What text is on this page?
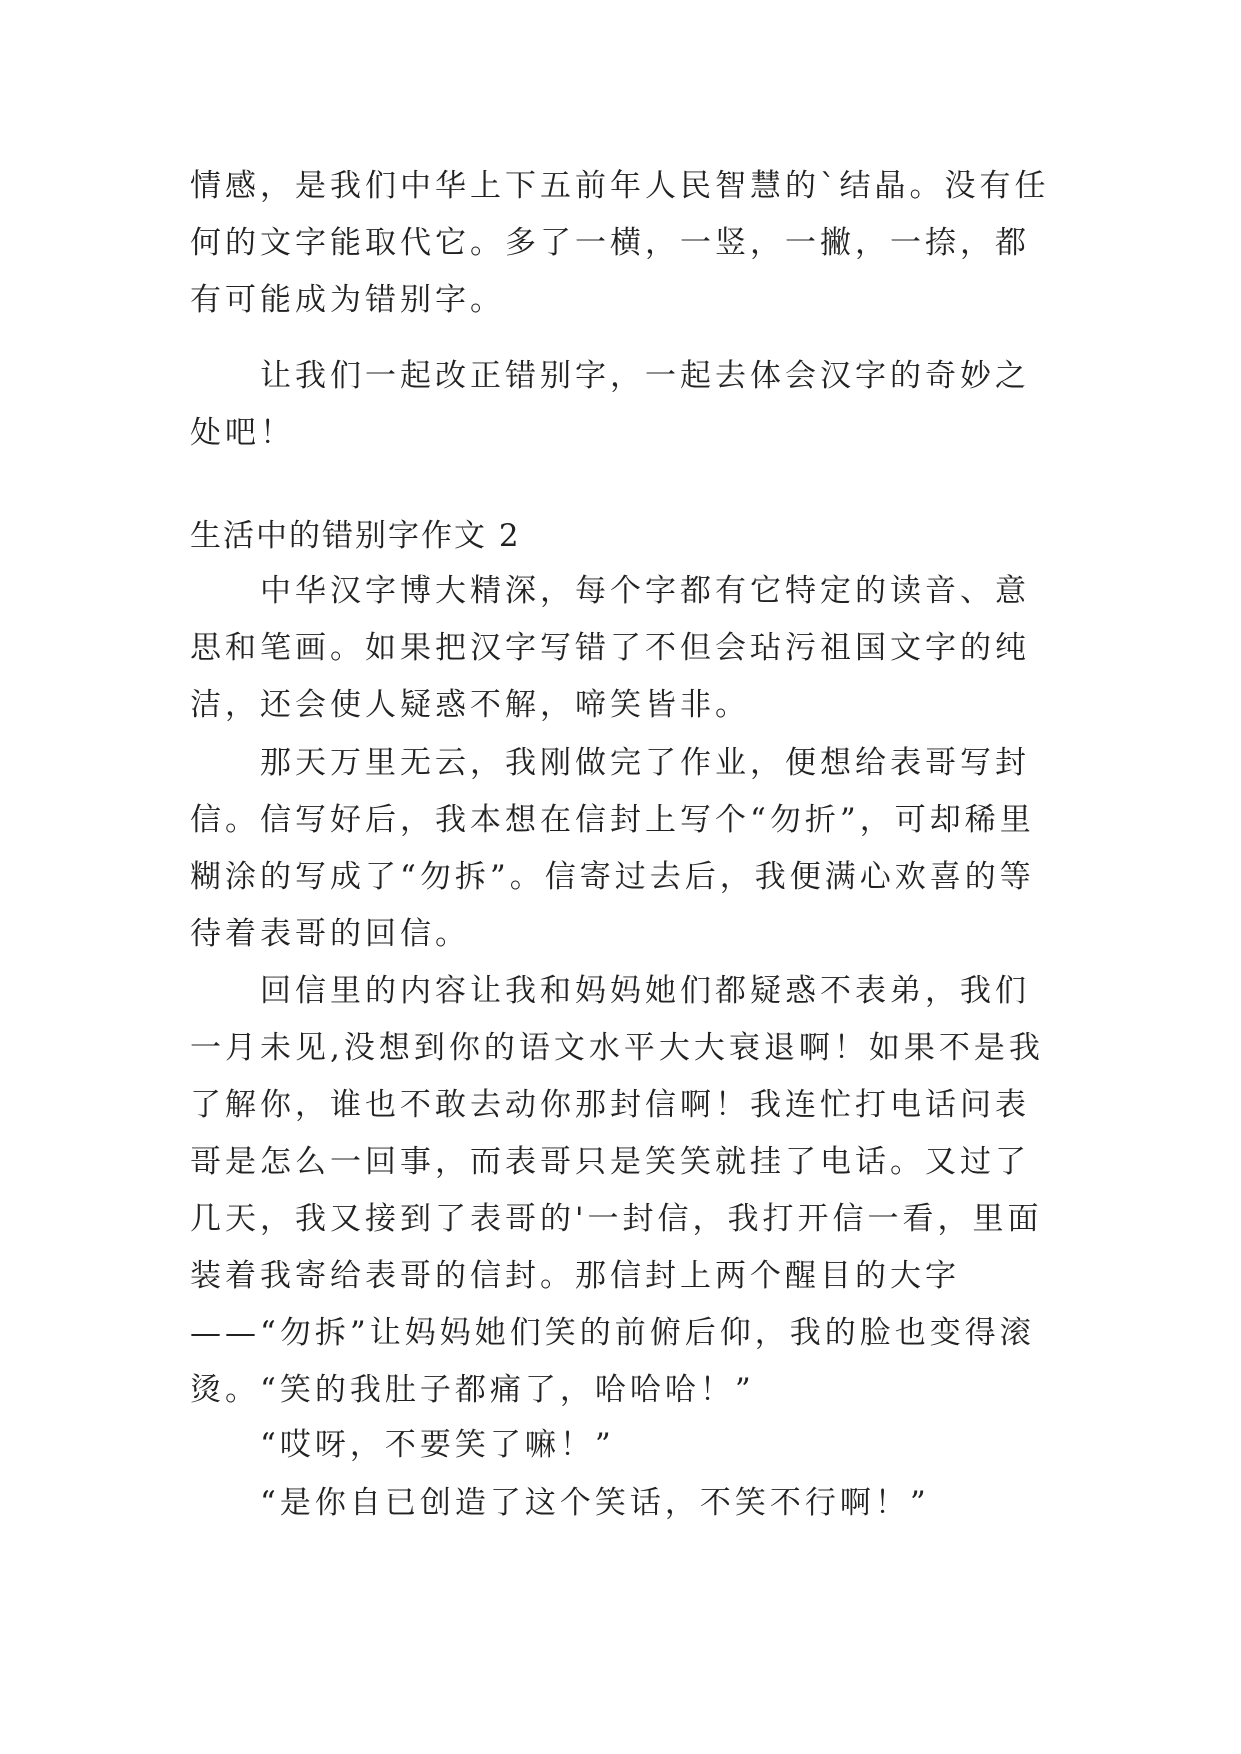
情感，是我们中华上下五前年人民智慧的`结晶。没有任何的文字能取代它。多了一横，一竖，一撇，一捺，都有可能成为错别字。

让我们一起改正错别字，一起去体会汉字的奇妙之处吧！

生活中的错别字作文 2

中华汉字博大精深，每个字都有它特定的读音、意思和笔画。如果把汉字写错了不但会玷污祖国文字的纯洁，还会使人疑惑不解，啼笑皆非。

那天万里无云，我刚做完了作业，便想给表哥写封信。信写好后，我本想在信封上写个“勿折”，可却稀里糊涂的写成了“勿拆”。信寄过去后，我便满心欢喜的等待着表哥的回信。

回信里的内容让我和妈妈她们都疑惑不表弟，我们一月未见,没想到你的语文水平大大衰退啊！如果不是我了解你，谁也不敢去动你那封信啊！我连忙打电话问表哥是怎么一回事，而表哥只是笑笑就挂了电话。又过了几天，我又接到了表哥的'一封信，我打开信一看，里面装着我寄给表哥的信封。那信封上两个醒目的大字——“勿拆”让妈妈她们笑的前俯后仰，我的脸也变得滚烫。“笑的我肚子都痛了，哈哈哈！”

“哎呀，不要笑了嘛！”

“是你自已创造了这个笑话，不笑不行啊！”
